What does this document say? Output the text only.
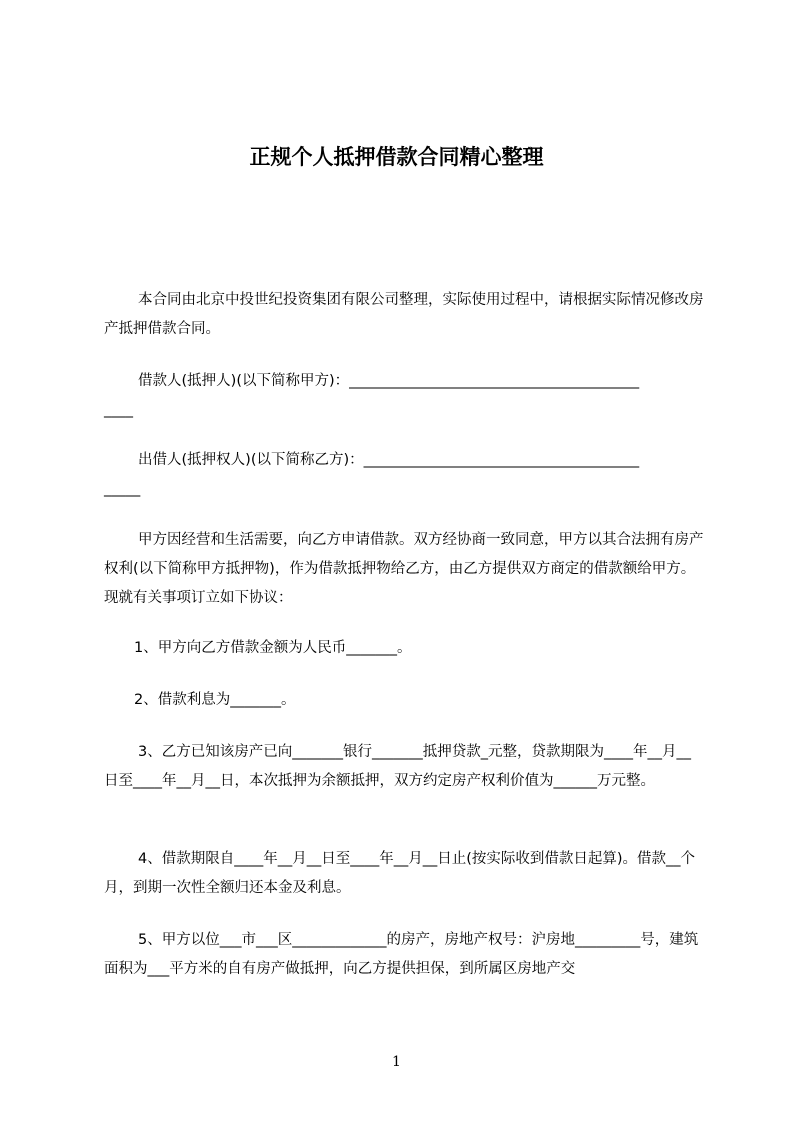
正规个人抵押借款合同精心整理
本合同由北京中投世纪投资集团有限公司整理，实际使用过程中，请根据实际情况修改房产抵押借款合同。
借款人(抵押人)(以下简称甲方)：________________________________________
____
出借人(抵押权人)(以下简称乙方)：______________________________________
_____
甲方因经营和生活需要，向乙方申请借款。双方经协商一致同意，甲方以其合法拥有房产权利(以下简称甲方抵押物)，作为借款抵押物给乙方，由乙方提供双方商定的借款额给甲方。现就有关事项订立如下协议：
1、甲方向乙方借款金额为人民币_______。
2、借款利息为_______。
3、乙方已知该房产已向_______银行_______抵押贷款_元整，贷款期限为____年__月__日至____年__月__日，本次抵押为余额抵押，双方约定房产权利价值为______万元整。
4、借款期限自____年__月__日至____年__月__日止(按实际收到借款日起算)。借款__个月，到期一次性全额归还本金及利息。
5、甲方以位___市___区_____________的房产，房地产权号：沪房地_________号，建筑面积为___平方米的自有房产做抵押，向乙方提供担保，到所属区房地产交
1
